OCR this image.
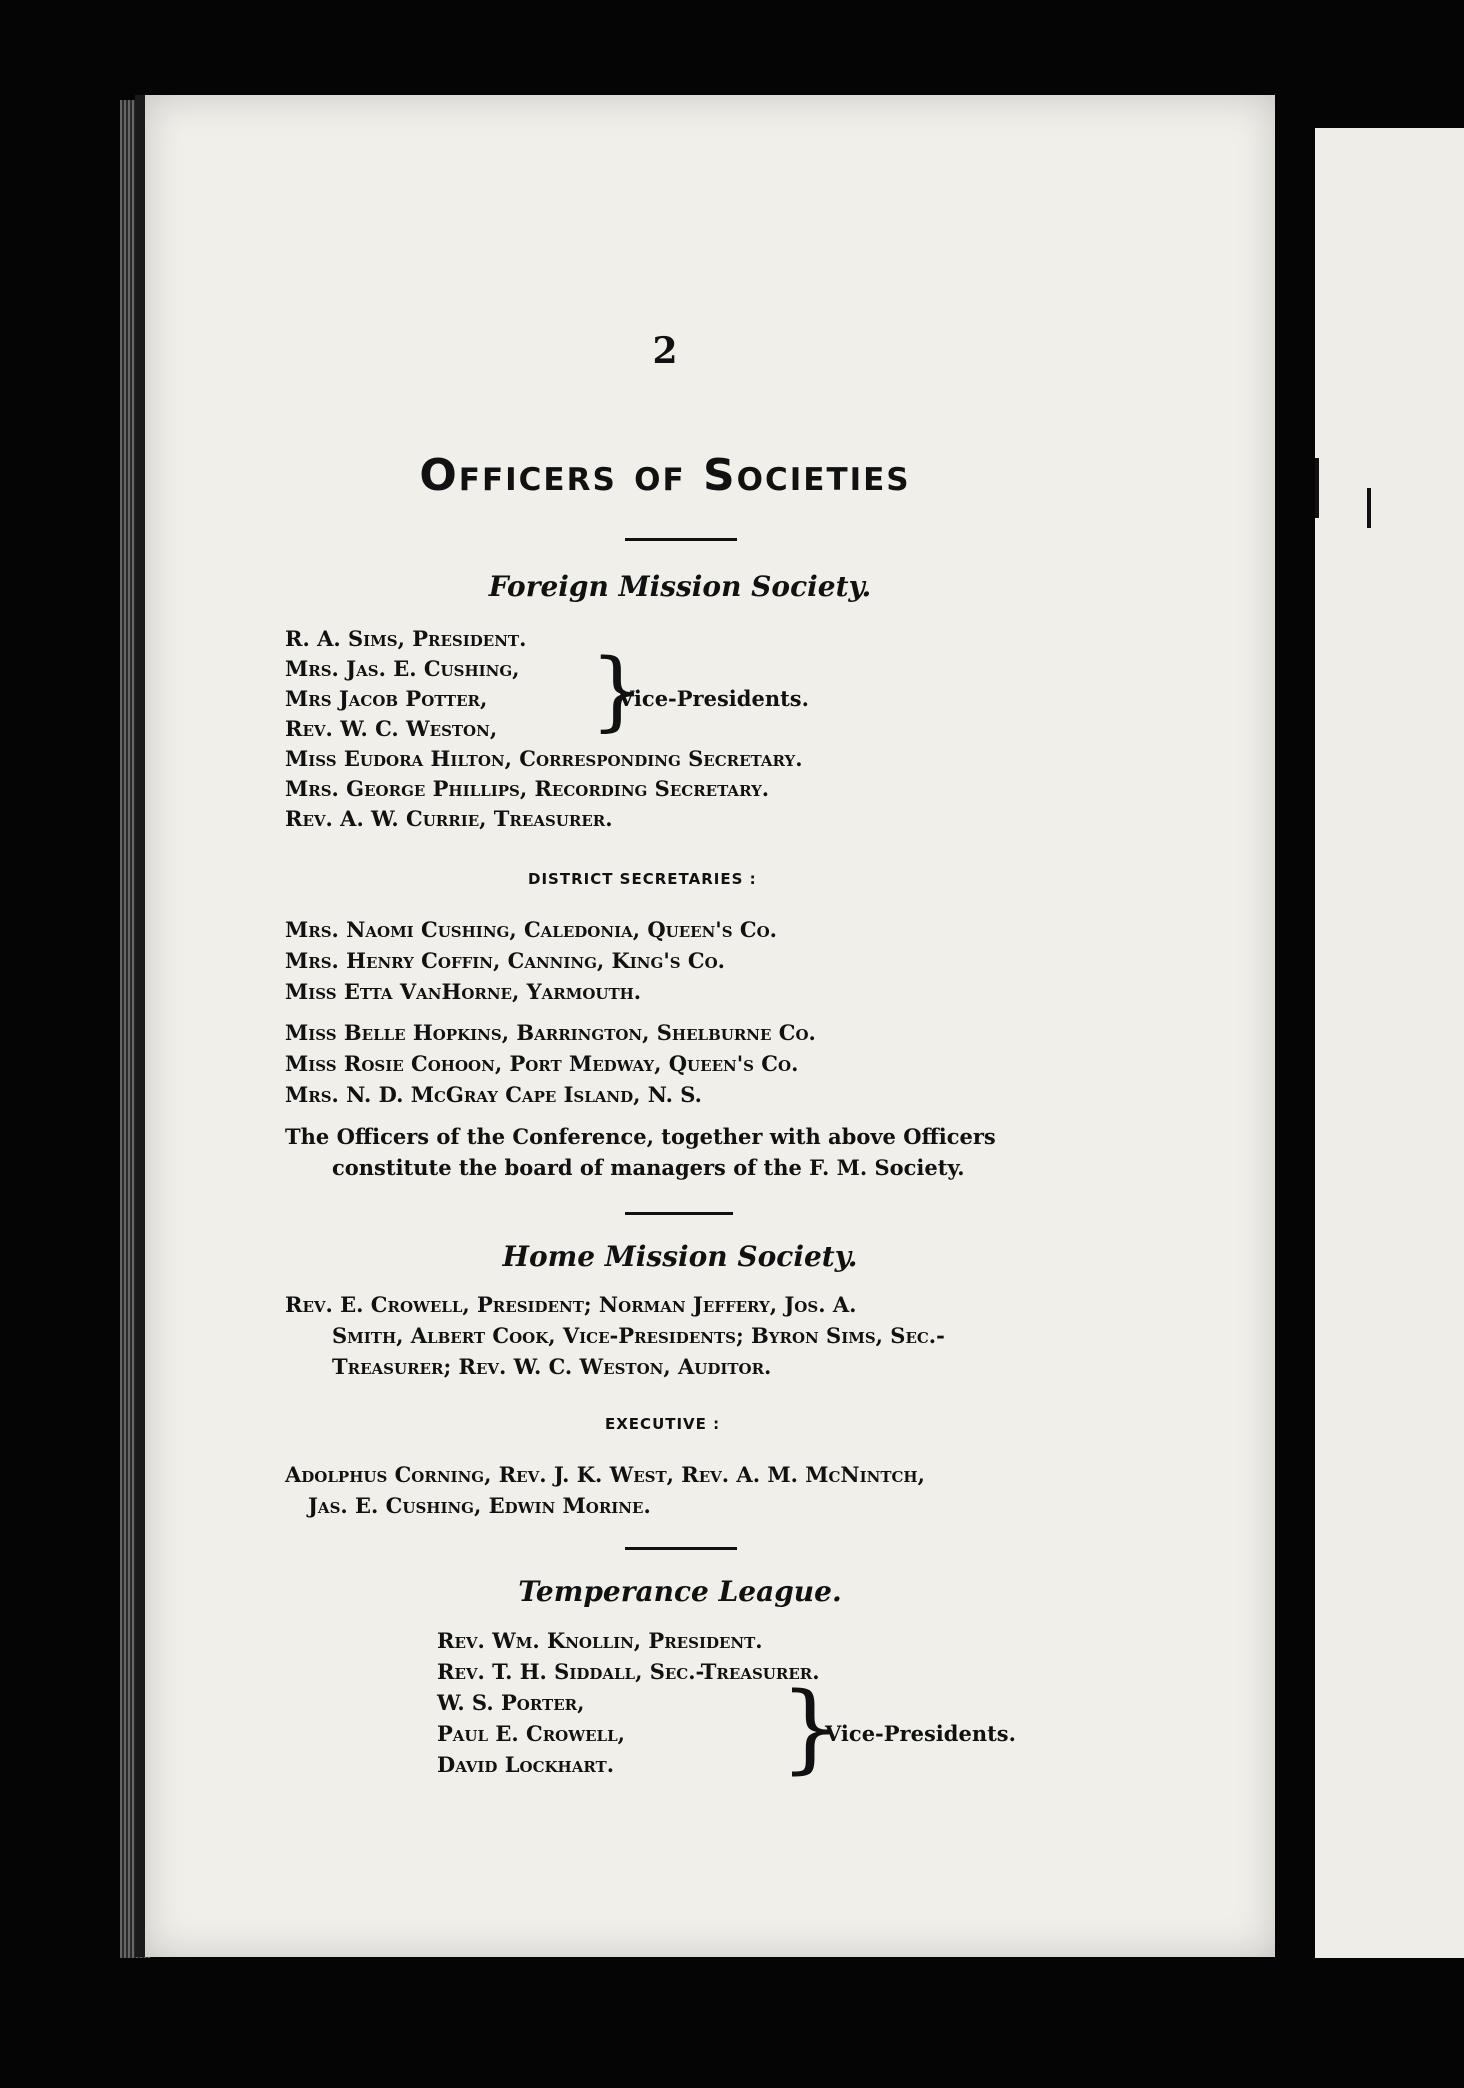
2
Officers of Societies
Foreign Mission Society.
R. A. Sims, President.
Mrs. Jas. E. Cushing,
Mrs Jacob Potter,
Rev. W. C. Weston, }
Vice-Presidents.
Miss Eudora Hilton, Corresponding Secretary.
Mrs. George Phillips, Recording Secretary.
Rev. A. W. Currie, Treasurer.
DISTRICT SECRETARIES :
Mrs. Naomi Cushing, Caledonia, Queen's Co.
Mrs. Henry Coffin, Canning, King's Co.
Miss Etta VanHorne, Yarmouth.
Miss Belle Hopkins, Barrington, Shelburne Co.
Miss Rosie Cohoon, Port Medway, Queen's Co.
Mrs. N. D. McGray Cape Island, N. S.
The Officers of the Conference, together with above Officers
constitute the board of managers of the F. M. Society.
Home Mission Society.
Rev. E. Crowell, President; Norman Jeffery, Jos. A.
Smith, Albert Cook, Vice-Presidents; Byron Sims, Sec.-
Treasurer; Rev. W. C. Weston, Auditor.
EXECUTIVE :
Adolphus Corning, Rev. J. K. West, Rev. A. M. McNintch,
Jas. E. Cushing, Edwin Morine.
Temperance League.
Rev. Wm. Knollin, President.
Rev. T. H. Siddall, Sec.-Treasurer.
W. S. Porter,
Paul E. Crowell,
David Lockhart. }
Vice-Presidents.
